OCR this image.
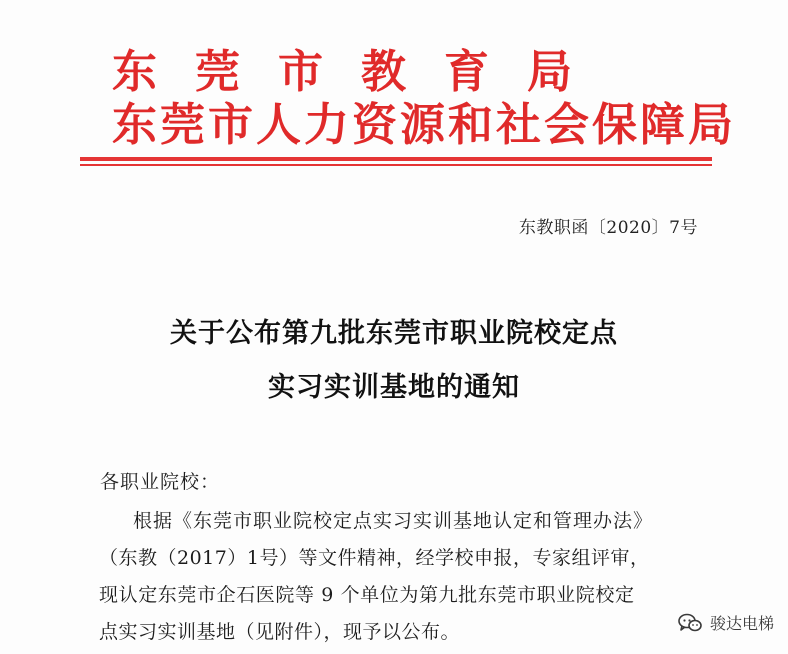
东莞市教育局
东莞市人力资源和社会保障局
东教职函〔2020〕7号
关于公布第九批东莞市职业院校定点
实习实训基地的通知
各职业院校：
根据《东莞市职业院校定点实习实训基地认定和管理办法》
（东教（2017）1号）等文件精神，经学校申报，专家组评审，
现认定东莞市企石医院等 9 个单位为第九批东莞市职业院校定
点实习实训基地（见附件），现予以公布。	骏达电梯
